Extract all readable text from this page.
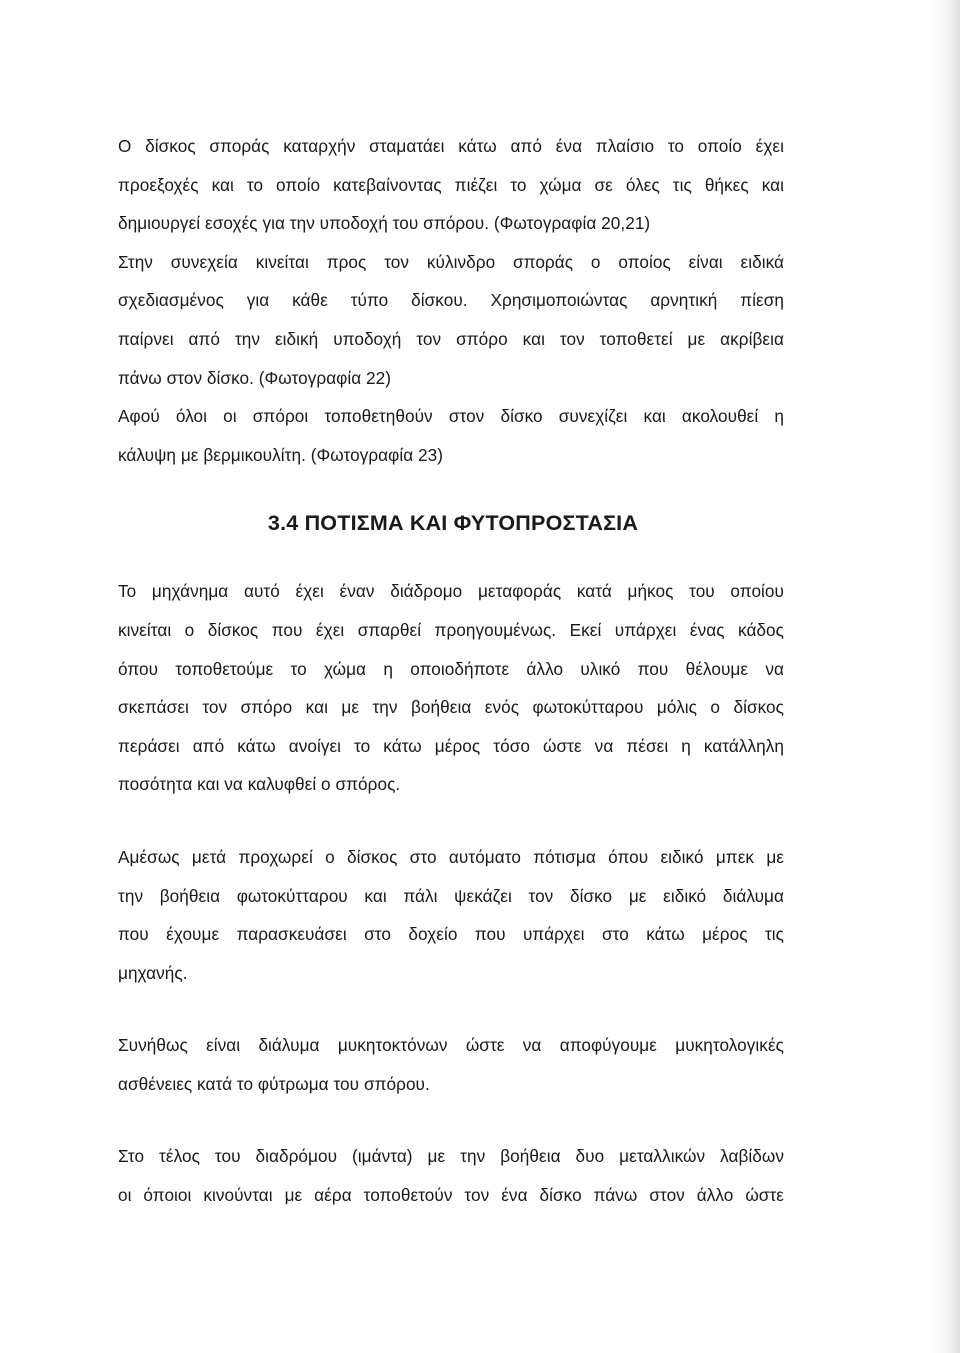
Ο δίσκος σποράς καταρχήν σταματάει κάτω από ένα πλαίσιο το οποίο έχει
προεξοχές και το οποίο κατεβαίνοντας πιέζει το χώμα σε όλες τις θήκες και
δημιουργεί εσοχές για την υποδοχή του σπόρου. (Φωτογραφία 20,21)
Στην συνεχεία κινείται προς τον κύλινδρο σποράς ο οποίος είναι ειδικά
σχεδιασμένος για κάθε τύπο δίσκου. Χρησιμοποιώντας αρνητική πίεση
παίρνει από την ειδική υποδοχή τον σπόρο και τον τοποθετεί με ακρίβεια
πάνω στον δίσκο. (Φωτογραφία 22)
Αφού όλοι οι σπόροι τοποθετηθούν στον δίσκο συνεχίζει και ακολουθεί η
κάλυψη με βερμικουλίτη. (Φωτογραφία 23)
3.4 ΠΟΤΙΣΜΑ ΚΑΙ ΦΥΤΟΠΡΟΣΤΑΣΙΑ
Το μηχάνημα αυτό έχει έναν διάδρομο μεταφοράς κατά μήκος του οποίου
κινείται ο δίσκος που έχει σπαρθεί προηγουμένως. Εκεί υπάρχει ένας κάδος
όπου τοποθετούμε το χώμα η οποιοδήποτε άλλο υλικό που θέλουμε να
σκεπάσει τον σπόρο και με την βοήθεια ενός φωτοκύτταρου μόλις ο δίσκος
περάσει από κάτω ανοίγει το κάτω μέρος τόσο ώστε να πέσει η κατάλληλη
ποσότητα και να καλυφθεί ο σπόρος.
Αμέσως μετά προχωρεί ο δίσκος στο αυτόματο πότισμα όπου ειδικό μπεκ με
την βοήθεια φωτοκύτταρου και πάλι ψεκάζει τον δίσκο με ειδικό διάλυμα
που έχουμε παρασκευάσει στο δοχείο που υπάρχει στο κάτω μέρος τις
μηχανής.
Συνήθως είναι διάλυμα μυκητοκτόνων ώστε να αποφύγουμε μυκητολογικές
ασθένειες κατά το φύτρωμα του σπόρου.
Στο τέλος του διαδρόμου (ιμάντα) με την βοήθεια δυο μεταλλικών λαβίδων
οι όποιοι κινούνται με αέρα τοποθετούν τον ένα δίσκο πάνω στον άλλο ώστε
